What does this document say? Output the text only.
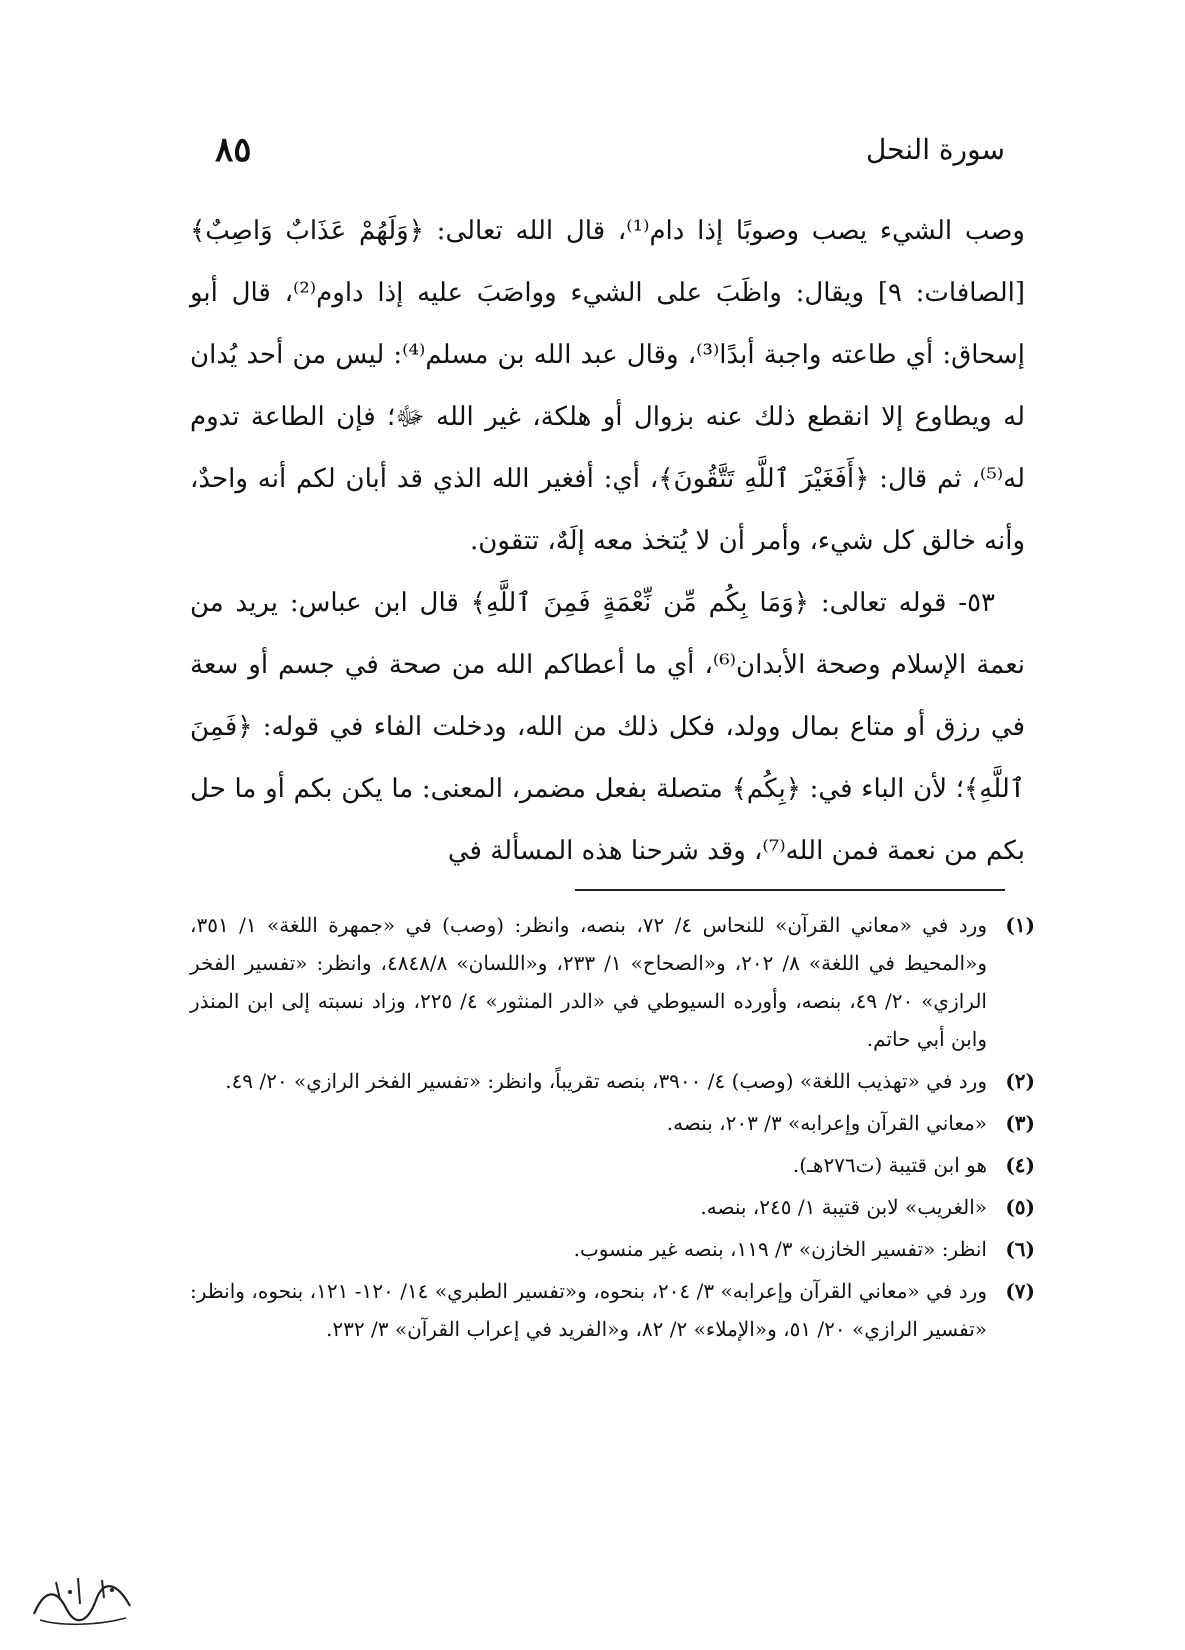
سورة النحل
٨٥

وصب الشيء يصب وصوبًا إذا دام⁽¹⁾، قال الله تعالى: ﴿وَلَهُمْ عَذَابٌ وَاصِبٌ﴾ [الصافات: ٩] ويقال: واظَبَ على الشيء وواصَبَ عليه إذا داوم⁽²⁾، قال أبو إسحاق: أي طاعته واجبة أبدًا⁽³⁾، وقال عبد الله بن مسلم⁽⁴⁾: ليس من أحد يُدان له ويطاوع إلا انقطع ذلك عنه بزوال أو هلكة، غير الله ﷻ؛ فإن الطاعة تدوم له⁽⁵⁾، ثم قال: ﴿أَفَغَيْرَ ٱللَّهِ تَتَّقُونَ﴾، أي: أفغير الله الذي قد أبان لكم أنه واحدٌ، وأنه خالق كل شيء، وأمر أن لا يُتخذ معه إلَهٌ، تتقون.

٥٣- قوله تعالى: ﴿وَمَا بِكُم مِّن نِّعْمَةٍ فَمِنَ ٱللَّهِ﴾ قال ابن عباس: يريد من نعمة الإسلام وصحة الأبدان⁽⁶⁾، أي ما أعطاكم الله من صحة في جسم أو سعة في رزق أو متاع بمال وولد، فكل ذلك من الله، ودخلت الفاء في قوله: ﴿فَمِنَ ٱللَّهِ﴾؛ لأن الباء في: ﴿بِكُم﴾ متصلة بفعل مضمر، المعنى: ما يكن بكم أو ما حل بكم من نعمة فمن الله⁽⁷⁾، وقد شرحنا هذه المسألة في

(١)
ورد في «معاني القرآن» للنحاس ٤/ ٧٢، بنصه، وانظر: (وصب) في «جمهرة اللغة» ١/ ٣٥١، و«المحيط في اللغة» ٨/ ٢٠٢، و«الصحاح» ١/ ٢٣٣، و«اللسان» ٤٨٤٨/٨، وانظر: «تفسير الفخر الرازي» ٢٠/ ٤٩، بنصه، وأورده السيوطي في «الدر المنثور» ٤/ ٢٢٥، وزاد نسبته إلى ابن المنذر وابن أبي حاتم.
(٢)
ورد في «تهذيب اللغة» (وصب) ٤/ ٣٩٠٠، بنصه تقريباً، وانظر: «تفسير الفخر الرازي» ٢٠/ ٤٩.
(٣)
«معاني القرآن وإعرابه» ٣/ ٢٠٣، بنصه.
(٤)
هو ابن قتيبة (ت٢٧٦هـ).
(٥)
«الغريب» لابن قتيبة ١/ ٢٤٥، بنصه.
(٦)
انظر: «تفسير الخازن» ٣/ ١١٩، بنصه غير منسوب.
(٧)
ورد في «معاني القرآن وإعرابه» ٣/ ٢٠٤، بنحوه، و«تفسير الطبري» ١٤/ ١٢٠- ١٢١، بنحوه، وانظر: «تفسير الرازي» ٢٠/ ٥١، و«الإملاء» ٢/ ٨٢، و«الفريد في إعراب القرآن» ٣/ ٢٣٢.
